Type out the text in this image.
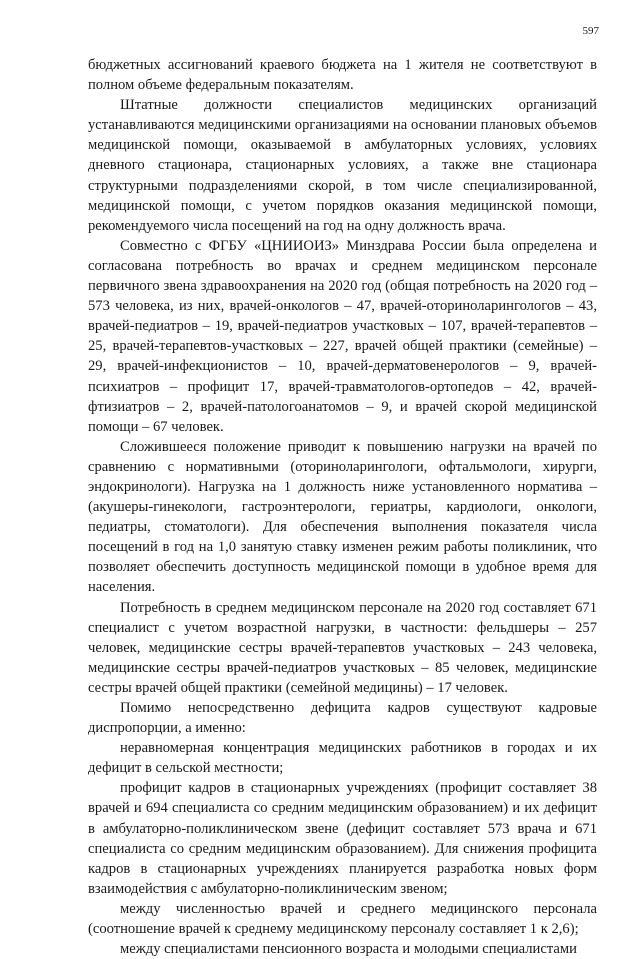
597

бюджетных ассигнований краевого бюджета на 1 жителя не соответствуют в полном объеме федеральным показателям.

Штатные должности специалистов медицинских организаций устанавливаются медицинскими организациями на основании плановых объемов медицинской помощи, оказываемой в амбулаторных условиях, условиях дневного стационара, стационарных условиях, а также вне стационара структурными подразделениями скорой, в том числе специализированной, медицинской помощи, с учетом порядков оказания медицинской помощи, рекомендуемого числа посещений на год на одну должность врача.

Совместно с ФГБУ «ЦНИИОИЗ» Минздрава России была определена и согласована потребность во врачах и среднем медицинском персонале первичного звена здравоохранения на 2020 год (общая потребность на 2020 год – 573 человека, из них, врачей-онкологов – 47, врачей-оториноларингологов – 43, врачей-педиатров – 19, врачей-педиатров участковых – 107, врачей-терапевтов – 25, врачей-терапевтов-участковых – 227, врачей общей практики (семейные) – 29, врачей-инфекционистов – 10, врачей-дерматовенерологов – 9, врачей-психиатров – профицит 17, врачей-травматологов-ортопедов – 42, врачей-фтизиатров – 2, врачей-патологоанатомов – 9, и врачей скорой медицинской помощи – 67 человек.

Сложившееся положение приводит к повышению нагрузки на врачей по сравнению с нормативными (оториноларингологи, офтальмологи, хирурги, эндокринологи). Нагрузка на 1 должность ниже установленного норматива – (акушеры-гинекологи, гастроэнтерологи, гериатры, кардиологи, онкологи, педиатры, стоматологи). Для обеспечения выполнения показателя числа посещений в год на 1,0 занятую ставку изменен режим работы поликлиник, что позволяет обеспечить доступность медицинской помощи в удобное время для населения.

Потребность в среднем медицинском персонале на 2020 год составляет 671 специалист с учетом возрастной нагрузки, в частности: фельдшеры – 257 человек, медицинские сестры врачей-терапевтов участковых – 243 человека, медицинские сестры врачей-педиатров участковых – 85 человек, медицинские сестры врачей общей практики (семейной медицины) – 17 человек.

Помимо непосредственно дефицита кадров существуют кадровые диспропорции, а именно:

неравномерная концентрация медицинских работников в городах и их дефицит в сельской местности;

профицит кадров в стационарных учреждениях (профицит составляет 38 врачей и 694 специалиста со средним медицинским образованием) и их дефицит в амбулаторно-поликлиническом звене (дефицит составляет 573 врача и 671 специалиста со средним медицинским образованием). Для снижения профицита кадров в стационарных учреждениях планируется разработка новых форм взаимодействия с амбулаторно-поликлиническим звеном;

между численностью врачей и среднего медицинского персонала (соотношение врачей к среднему медицинскому персоналу составляет 1 к 2,6);

между специалистами пенсионного возраста и молодыми специалистами
